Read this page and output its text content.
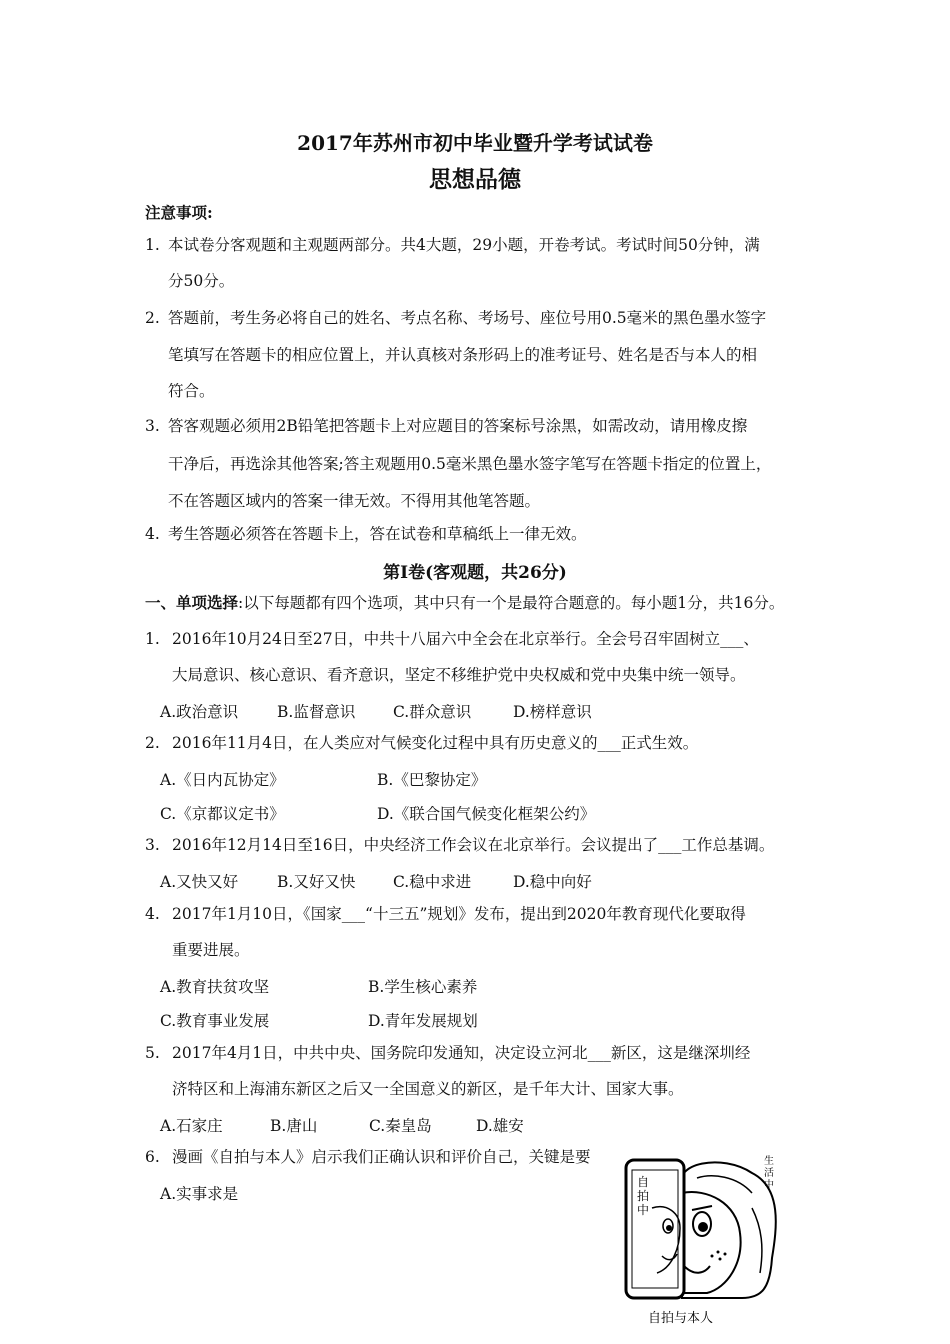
2017年苏州市初中毕业暨升学考试试卷
思想品德
注意事项:
1. 本试卷分客观题和主观题两部分。共4大题，29小题，开卷考试。考试时间50分钟，满
分50分。
2. 答题前，考生务必将自己的姓名、考点名称、考场号、座位号用0.5毫米的黑色墨水签字
笔填写在答题卡的相应位置上，并认真核对条形码上的准考证号、姓名是否与本人的相
符合。
3. 答客观题必须用2B铅笔把答题卡上对应题目的答案标号涂黑，如需改动，请用橡皮擦
干净后，再选涂其他答案;答主观题用0.5毫米黑色墨水签字笔写在答题卡指定的位置上，
不在答题区域内的答案一律无效。不得用其他笔答题。
4. 考生答题必须答在答题卡上，答在试卷和草稿纸上一律无效。
第Ⅰ卷(客观题，共26分)
一、单项选择:以下每题都有四个选项，其中只有一个是最符合题意的。每小题1分，共16分。
1. 2016年10月24日至27日，中共十八届六中全会在北京举行。全会号召牢固树立___、
大局意识、核心意识、看齐意识，坚定不移维护党中央权威和党中央集中统一领导。
A.政治意识	B.监督意识 C.群众意识	D.榜样意识
2. 2016年11月4日，在人类应对气候变化过程中具有历史意义的___正式生效。
A.《日内瓦协定》	B.《巴黎协定》
C.《京都议定书》	D.《联合国气候变化框架公约》
3. 2016年12月14日至16日，中央经济工作会议在北京举行。会议提出了___工作总基调。
A.又快又好	B.又好又快 C.稳中求进	D.稳中向好
4. 2017年1月10日，《国家___“十三五”规划》发布，提出到2020年教育现代化要取得
重要进展。
A.教育扶贫攻坚	B.学生核心素养
C.教育事业发展	D.青年发展规划
5. 2017年4月1日，中共中央、国务院印发通知，决定设立河北___新区，这是继深圳经
济特区和上海浦东新区之后又一全国意义的新区，是千年大计、国家大事。
A.石家庄	B.唐山	C.秦皇岛	D.雄安
6. 漫画《自拍与本人》启示我们正确认识和评价自己，关键是要
A.实事求是
自
拍
中
生
活
中
自拍与本人
